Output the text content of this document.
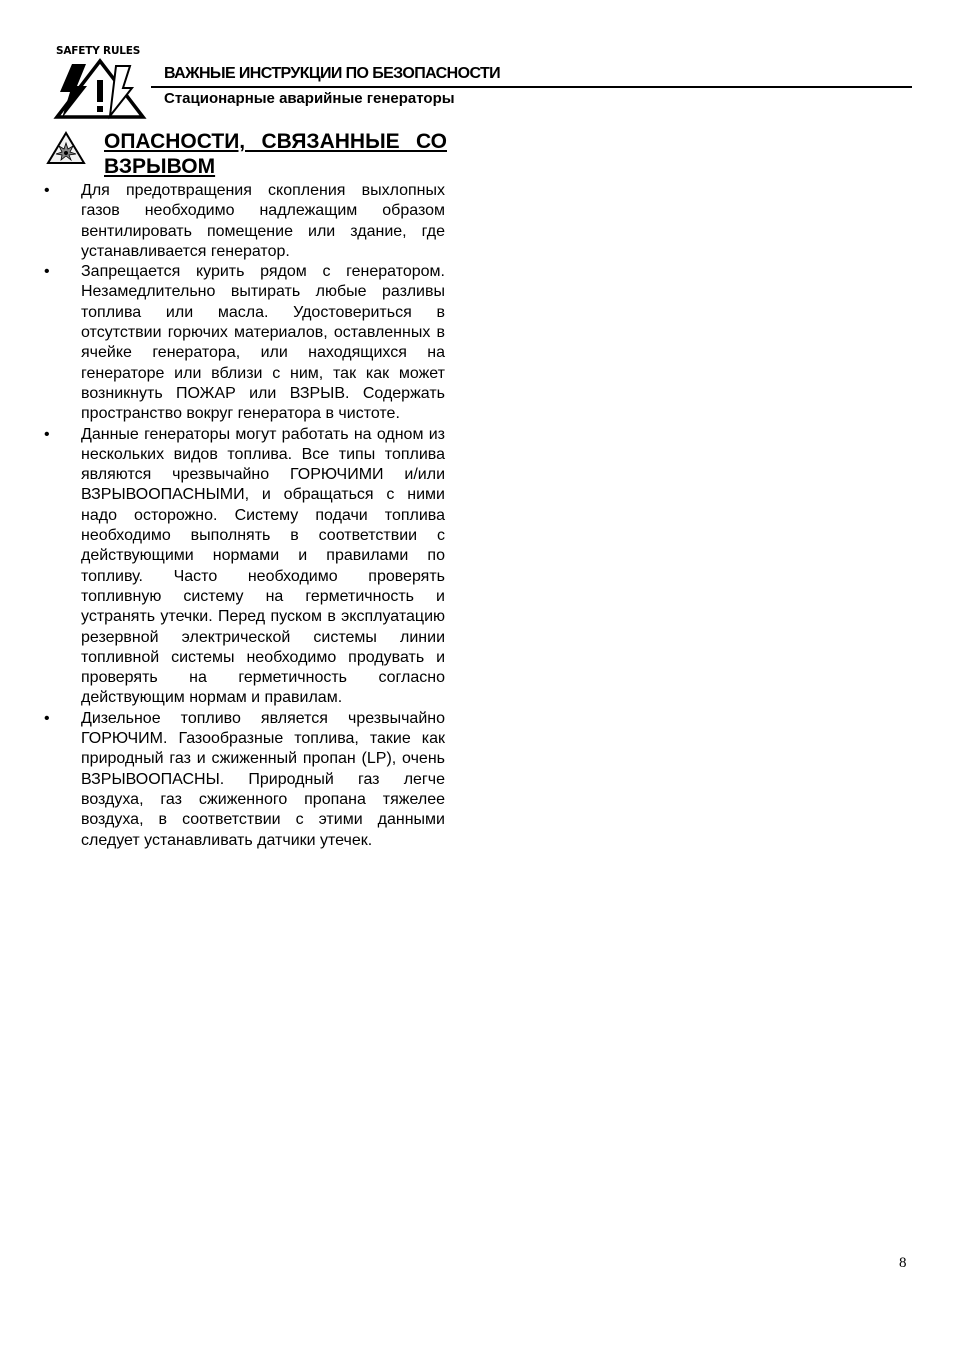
SAFETY RULES
ВАЖНЫЕ ИНСТРУКЦИИ ПО БЕЗОПАСНОСТИ
Стационарные аварийные генераторы
ОПАСНОСТИ, СВЯЗАННЫЕ СО ВЗРЫВОМ
• Для предотвращения скопления выхлопных газов необходимо надлежащим образом вентилировать помещение или здание, где устанавливается генератор.
• Запрещается курить рядом с генератором. Незамедлительно вытирать любые разливы топлива или масла. Удостовериться в отсутствии горючих материалов, оставленных в ячейке генератора, или находящихся на генераторе или вблизи с ним, так как может возникнуть ПОЖАР или ВЗРЫВ. Содержать пространство вокруг генератора в чистоте.
• Данные генераторы могут работать на одном из нескольких видов топлива. Все типы топлива являются чрезвычайно ГОРЮЧИМИ и/или ВЗРЫВООПАСНЫМИ, и обращаться с ними надо осторожно. Систему подачи топлива необходимо выполнять в соответствии с действующими нормами и правилами по топливу. Часто необходимо проверять топливную систему на герметичность и устранять утечки. Перед пуском в эксплуатацию резервной электрической системы линии топливной системы необходимо продувать и проверять на герметичность согласно действующим нормам и правилам.
• Дизельное топливо является чрезвычайно ГОРЮЧИМ. Газообразные топлива, такие как природный газ и сжиженный пропан (LP), очень ВЗРЫВООПАСНЫ. Природный газ легче воздуха, газ сжиженного пропана тяжелее воздуха, в соответствии с этими данными следует устанавливать датчики утечек.
8
